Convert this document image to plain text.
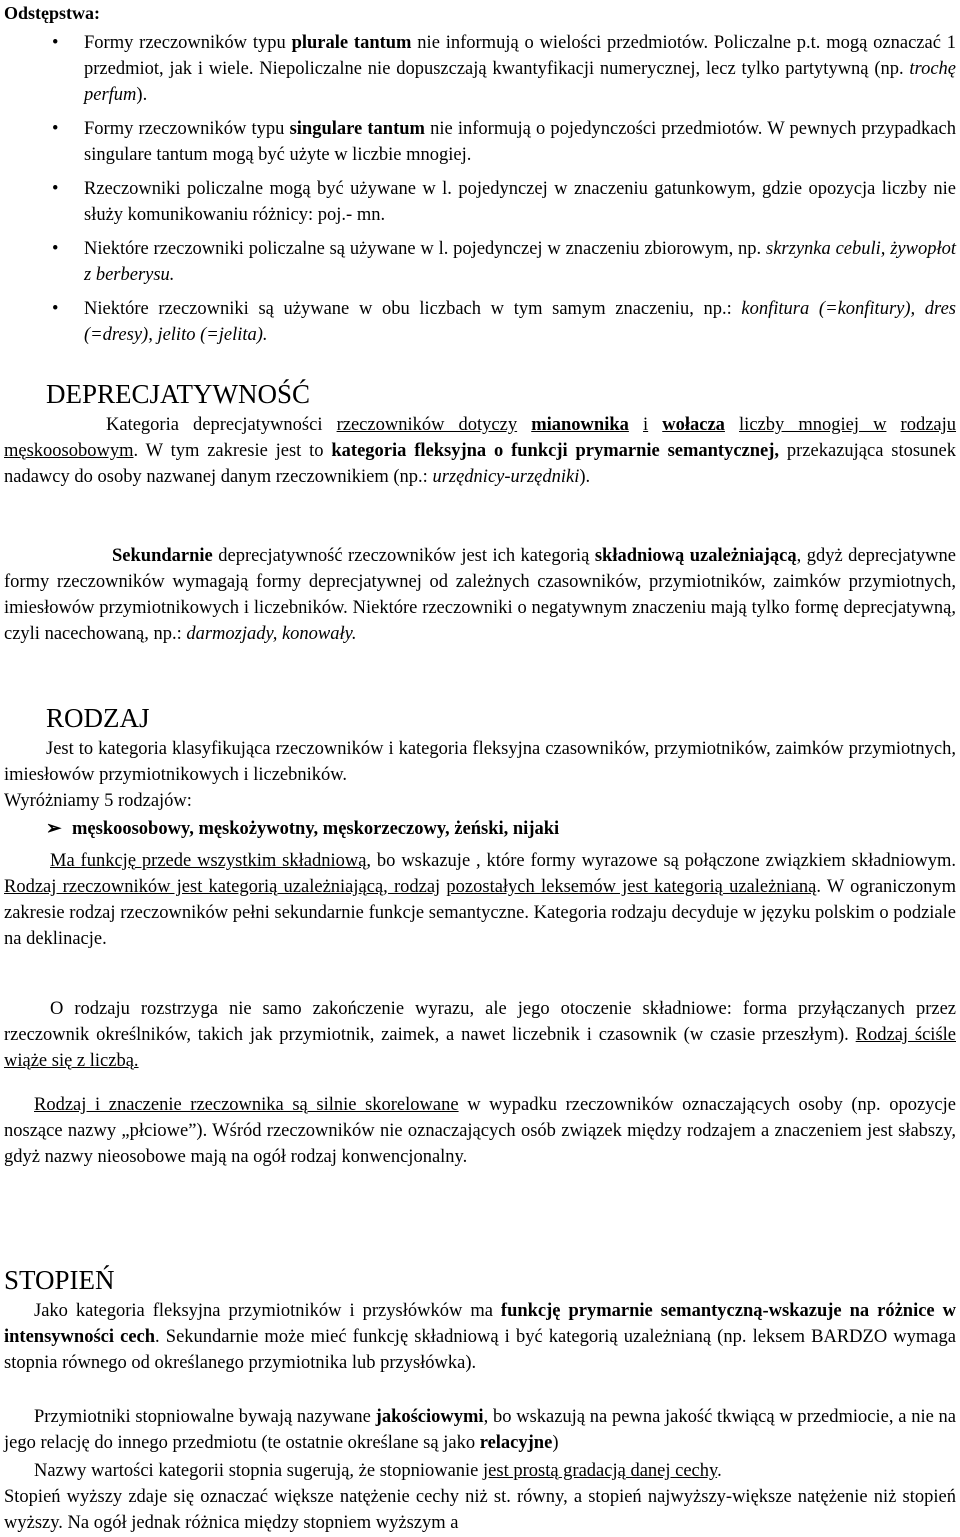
Odstępstwa:
• Formy rzeczowników typu plurale tantum nie informują o wielości przedmiotów. Policzalne p.t. mogą oznaczać 1 przedmiot, jak i wiele. Niepoliczalne nie dopuszczają kwantyfikacji numerycznej, lecz tylko partytywną (np. trochę perfum).
• Formy rzeczowników typu singulare tantum nie informują o pojedynczości przedmiotów. W pewnych przypadkach singulare tantum mogą być użyte w liczbie mnogiej.
• Rzeczowniki policzalne mogą być używane w l. pojedynczej w znaczeniu gatunkowym, gdzie opozycja liczby nie służy komunikowaniu różnicy: poj.- mn.
• Niektóre rzeczowniki policzalne są używane w l. pojedynczej w znaczeniu zbiorowym, np. skrzynka cebuli, żywopłot z berberysu.
• Niektóre rzeczowniki są używane w obu liczbach w tym samym znaczeniu, np.: konfitura (=konfitury), dres (=dresy), jelito (=jelita).
DEPRECJATYWNOŚĆ

Kategoria deprecjatywności rzeczowników dotyczy mianownika i wołacza liczby mnogiej w rodzaju męskoosobowym. W tym zakresie jest to kategoria fleksyjna o funkcji prymarnie semantycznej, przekazująca stosunek nadawcy do osoby nazwanej danym rzeczownikiem (np.: urzędnicy-urzędniki).

Sekundarnie deprecjatywność rzeczowników jest ich kategorią składniową uzależniającą, gdyż deprecjatywne formy rzeczowników wymagają formy deprecjatywnej od zależnych czasowników, przymiotników, zaimków przymiotnych, imiesłowów przymiotnikowych i liczebników. Niektóre rzeczowniki o negatywnym znaczeniu mają tylko formę deprecjatywną, czyli nacechowaną, np.: darmozjady, konowały.

RODZAJ

Jest to kategoria klasyfikująca rzeczowników i kategoria fleksyjna czasowników, przymiotników, zaimków przymiotnych, imiesłowów przymiotnikowych i liczebników.

Wyróżniamy 5 rodzajów:

➢ męskoosobowy, męskożywotny, męskorzeczowy, żeński, nijaki

Ma funkcję przede wszystkim składniową, bo wskazuje , które formy wyrazowe są połączone związkiem składniowym. Rodzaj rzeczowników jest kategorią uzależniającą, rodzaj pozostałych leksemów jest kategorią uzależnianą. W ograniczonym zakresie rodzaj rzeczowników pełni sekundarnie funkcje semantyczne. Kategoria rodzaju decyduje w języku polskim o podziale na deklinacje.

O rodzaju rozstrzyga nie samo zakończenie wyrazu, ale jego otoczenie składniowe: forma przyłączanych przez rzeczownik określników, takich jak przymiotnik, zaimek, a nawet liczebnik i czasownik (w czasie przeszłym). Rodzaj ściśle wiąże się z liczbą.

Rodzaj i znaczenie rzeczownika są silnie skorelowane w wypadku rzeczowników oznaczających osoby (np. opozycje noszące nazwy „płciowe”). Wśród rzeczowników nie oznaczających osób związek między rodzajem a znaczeniem jest słabszy, gdyż nazwy nieosobowe mają na ogół rodzaj konwencjonalny.

STOPIEŃ

Jako kategoria fleksyjna przymiotników i przysłówków ma funkcję prymarnie semantyczną-wskazuje na różnice w intensywności cech. Sekundarnie może mieć funkcję składniową i być kategorią uzależnianą (np. leksem BARDZO wymaga stopnia równego od określanego przymiotnika lub przysłówka).

Przymiotniki stopniowalne bywają nazywane jakościowymi, bo wskazują na pewna jakość tkwiącą w przedmiocie, a nie na jego relację do innego przedmiotu (te ostatnie określane są jako relacyjne)

Nazwy wartości kategorii stopnia sugerują, że stopniowanie jest prostą gradacją danej cechy.

Stopień wyższy zdaje się oznaczać większe natężenie cechy niż st. równy, a stopień najwyższy-większe natężenie niż stopień wyższy. Na ogół jednak różnica między stopniem wyższym a
